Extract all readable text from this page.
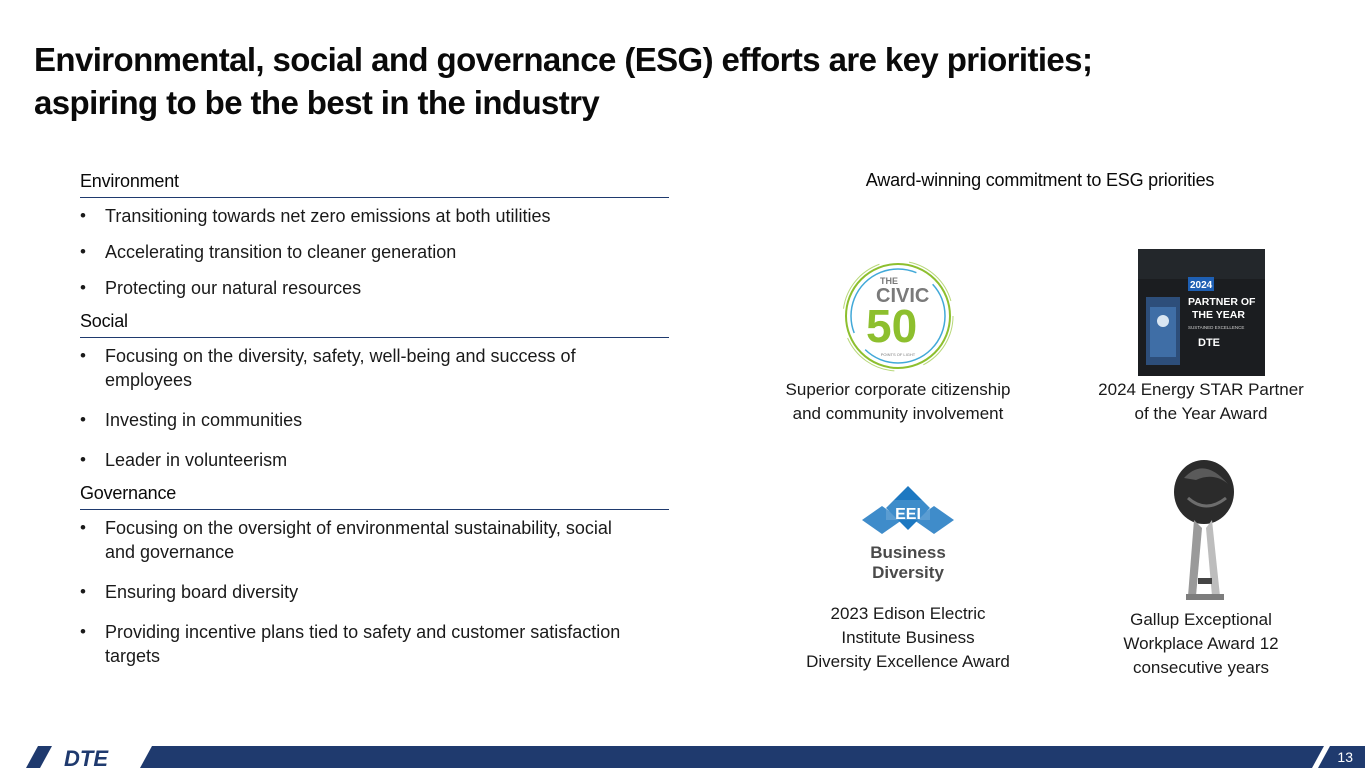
Environmental, social and governance (ESG) efforts are key priorities;
aspiring to be the best in the industry
Environment
• Transitioning towards net zero emissions at both utilities
• Accelerating transition to cleaner generation
• Protecting our natural resources
Social
• Focusing on the diversity, safety, well-being and success of employees
• Investing in communities
• Leader in volunteerism
Governance
• Focusing on the oversight of environmental sustainability, social and governance
• Ensuring board diversity
• Providing incentive plans tied to safety and customer satisfaction targets
Award-winning commitment to ESG priorities
THE
CIVIC
50
POINTS OF LIGHT
Superior corporate citizenship
and community involvement
2024
PARTNER OF
THE YEAR
SUSTAINED EXCELLENCE
DTE
2024 Energy STAR Partner
of the Year Award
EEI
Business
Diversity
2023 Edison Electric
Institute Business
Diversity Excellence Award
Gallup Exceptional
Workplace Award 12
consecutive years
DTE	13
